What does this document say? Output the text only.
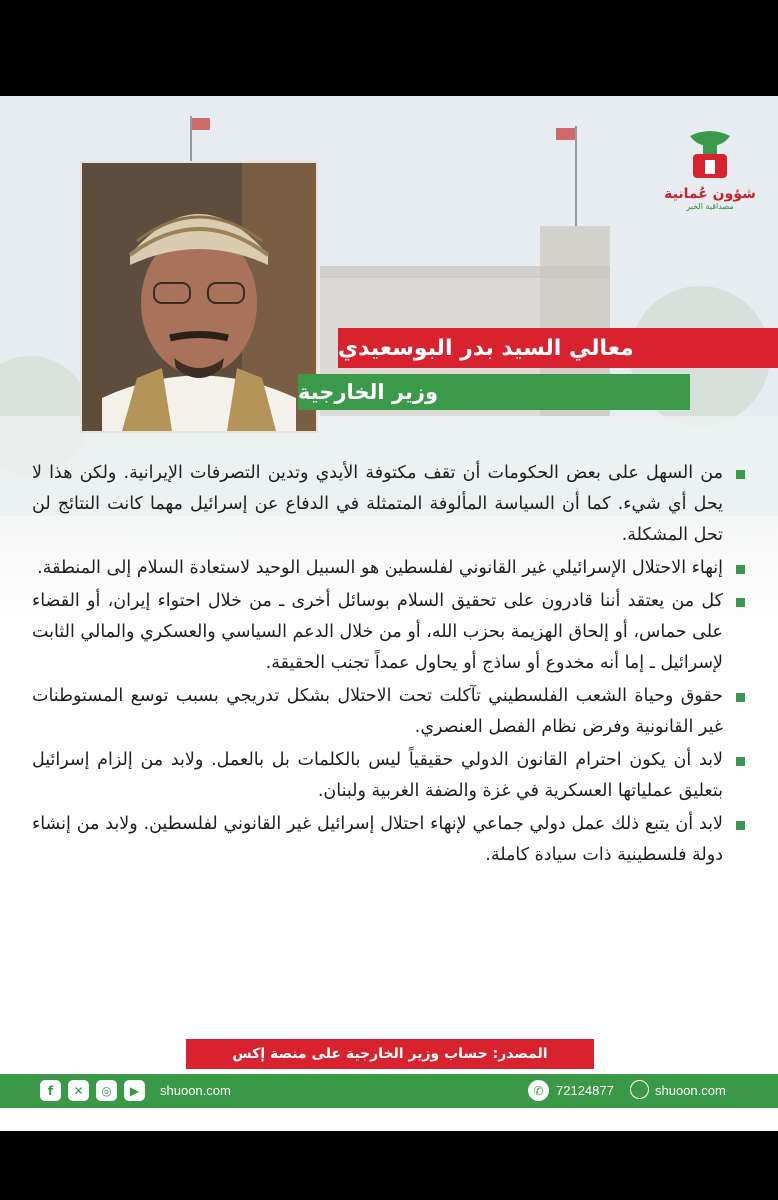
شؤون عُمانية
مصداقية الخبر
معالي السيد بدر البوسعيدي
وزير الخارجية
من السهل على بعض الحكومات أن تقف مكتوفة الأيدي وتدين التصرفات الإيرانية. ولكن هذا لا يحل أي شيء. كما أن السياسة المألوفة المتمثلة في الدفاع عن إسرائيل مهما كانت النتائج لن تحل المشكلة.
إنهاء الاحتلال الإسرائيلي غير القانوني لفلسطين هو السبيل الوحيد لاستعادة السلام إلى المنطقة.
كل من يعتقد أننا قادرون على تحقيق السلام بوسائل أخرى ـ من خلال احتواء إيران، أو القضاء على حماس، أو إلحاق الهزيمة بحزب الله، أو من خلال الدعم السياسي والعسكري والمالي الثابت لإسرائيل ـ إما أنه مخدوع أو ساذج أو يحاول عمداً تجنب الحقيقة.
حقوق وحياة الشعب الفلسطيني تآكلت تحت الاحتلال بشكل تدريجي بسبب توسع المستوطنات غير القانونية وفرض نظام الفصل العنصري.
لابد أن يكون احترام القانون الدولي حقيقياً ليس بالكلمات بل بالعمل. ولابد من إلزام إسرائيل بتعليق عملياتها العسكرية في غزة والضفة الغربية ولبنان.
لابد أن يتبع ذلك عمل دولي جماعي لإنهاء احتلال إسرائيل غير القانوني لفلسطين. ولابد من إنشاء دولة فلسطينية ذات سيادة كاملة.
المصدر: حساب وزير الخارجية على منصة إكس
f	✕	◎	▶	shuoon.com	✆ 72124877	shuoon.com
